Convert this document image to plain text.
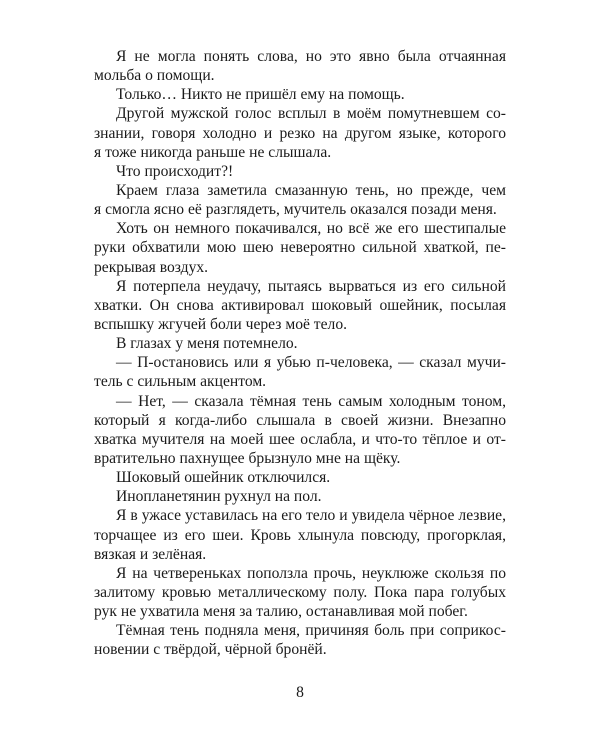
Я не могла понять слова, но это явно была отчаянная
мольба о помощи.
Только… Никто не пришёл ему на помощь.
Другой мужской голос всплыл в моём помутневшем со-
знании, говоря холодно и резко на другом языке, которого
я тоже никогда раньше не слышала.
Что происходит?!
Краем глаза заметила смазанную тень, но прежде, чем
я смогла ясно её разглядеть, мучитель оказался позади меня.
Хоть он немного покачивался, но всё же его шестипалые
руки обхватили мою шею невероятно сильной хваткой, пе-
рекрывая воздух.
Я потерпела неудачу, пытаясь вырваться из его сильной
хватки. Он снова активировал шоковый ошейник, посылая
вспышку жгучей боли через моё тело.
В глазах у меня потемнело.
— П-остановись или я убью п-человека, — сказал мучи-
тель с сильным акцентом.
— Нет, — сказала тёмная тень самым холодным тоном,
который я когда-либо слышала в своей жизни. Внезапно
хватка мучителя на моей шее ослабла, и что-то тёплое и от-
вратительно пахнущее брызнуло мне на щёку.
Шоковый ошейник отключился.
Инопланетянин рухнул на пол.
Я в ужасе уставилась на его тело и увидела чёрное лезвие,
торчащее из его шеи. Кровь хлынула повсюду, прогорклая,
вязкая и зелёная.
Я на четвереньках поползла прочь, неуклюже скользя по
залитому кровью металлическому полу. Пока пара голубых
рук не ухватила меня за талию, останавливая мой побег.
Тёмная тень подняла меня, причиняя боль при соприкос-
новении с твёрдой, чёрной бронёй.
8
